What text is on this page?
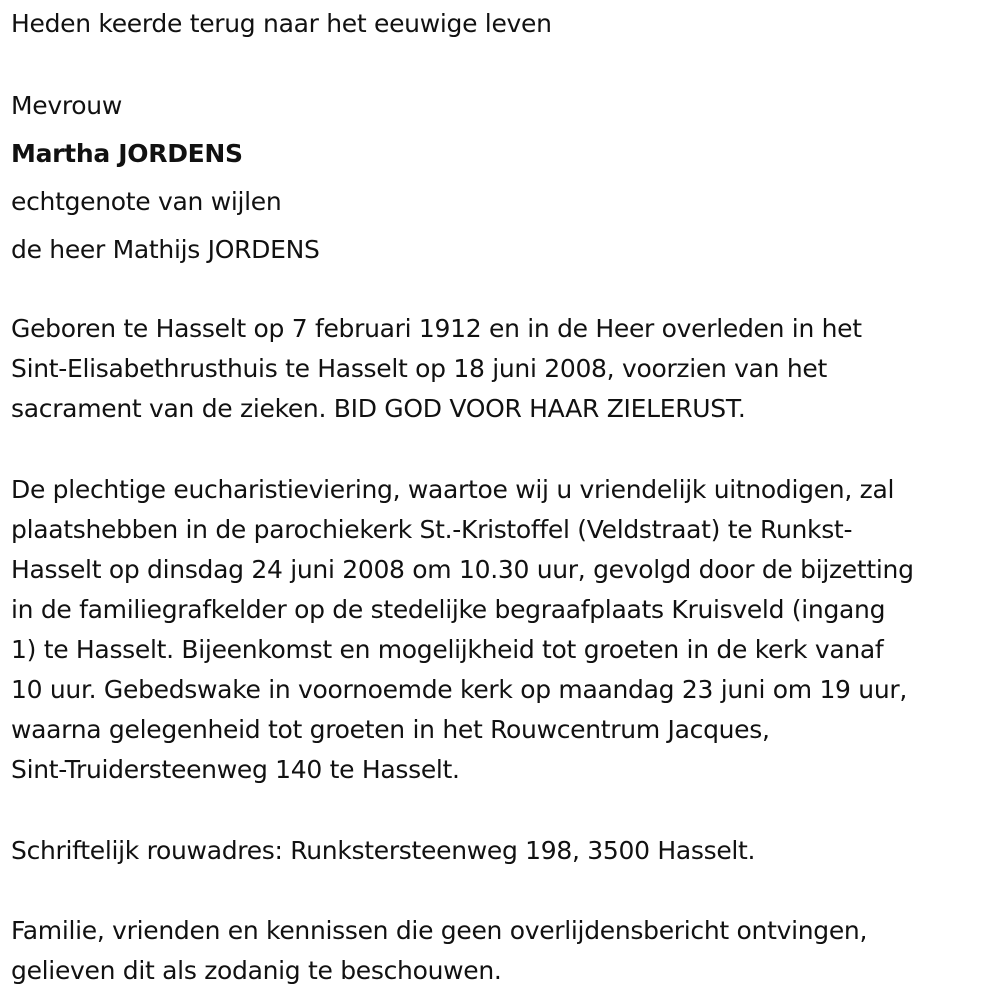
Heden keerde terug naar het eeuwige leven
Mevrouw
Martha JORDENS
echtgenote van wijlen
de heer Mathijs JORDENS
Geboren te Hasselt op 7 februari 1912 en in de Heer overleden in het
Sint-Elisabethrusthuis te Hasselt op 18 juni 2008, voorzien van het
sacrament van de zieken. BID GOD VOOR HAAR ZIELERUST.
De plechtige eucharistieviering, waartoe wij u vriendelijk uitnodigen, zal
plaatshebben in de parochiekerk St.-Kristoffel (Veldstraat) te Runkst-
Hasselt op dinsdag 24 juni 2008 om 10.30 uur, gevolgd door de bijzetting
in de familiegrafkelder op de stedelijke begraafplaats Kruisveld (ingang
1) te Hasselt. Bijeenkomst en mogelijkheid tot groeten in de kerk vanaf
10 uur. Gebedswake in voornoemde kerk op maandag 23 juni om 19 uur,
waarna gelegenheid tot groeten in het Rouwcentrum Jacques,
Sint-Truidersteenweg 140 te Hasselt.
Schriftelijk rouwadres: Runkstersteenweg 198, 3500 Hasselt.
Familie, vrienden en kennissen die geen overlijdensbericht ontvingen,
gelieven dit als zodanig te beschouwen.
